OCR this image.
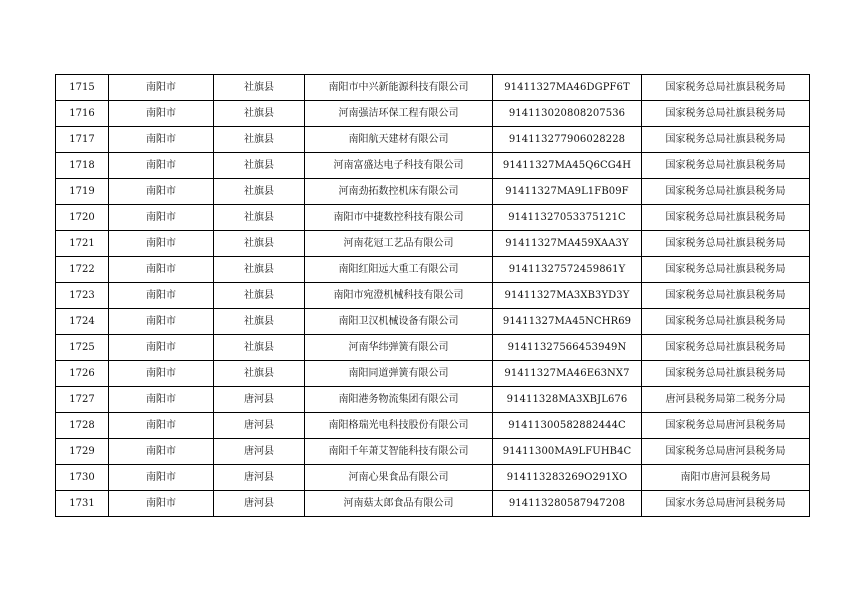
1715	南阳市	社旗县	南阳市中兴新能源科技有限公司	91411327MA46DGPF6T	国家税务总局社旗县税务局
1716	南阳市	社旗县	河南强洁环保工程有限公司	914113020808207536	国家税务总局社旗县税务局
1717	南阳市	社旗县	南阳航天建材有限公司	914113277906028228	国家税务总局社旗县税务局
1718	南阳市	社旗县	河南富盛达电子科技有限公司	91411327MA45Q6CG4H	国家税务总局社旗县税务局
1719	南阳市	社旗县	河南劲拓数控机床有限公司	91411327MA9L1FB09F	国家税务总局社旗县税务局
1720	南阳市	社旗县	南阳市中捷数控科技有限公司	91411327053375121C	国家税务总局社旗县税务局
1721	南阳市	社旗县	河南花冠工艺品有限公司	91411327MA459XAA3Y	国家税务总局社旗县税务局
1722	南阳市	社旗县	南阳红阳远大重工有限公司	91411327572459861Y	国家税务总局社旗县税务局
1723	南阳市	社旗县	南阳市宛澄机械科技有限公司	91411327MA3XB3YD3Y	国家税务总局社旗县税务局
1724	南阳市	社旗县	南阳卫汉机械设备有限公司	91411327MA45NCHR69	国家税务总局社旗县税务局
1725	南阳市	社旗县	河南华纬弹簧有限公司	91411327566453949N	国家税务总局社旗县税务局
1726	南阳市	社旗县	南阳同道弹簧有限公司	91411327MA46E63NX7	国家税务总局社旗县税务局
1727	南阳市	唐河县	南阳港务物流集团有限公司	91411328MA3XBJL676	唐河县税务局第二税务分局
1728	南阳市	唐河县	南阳格瑞光电科技股份有限公司	91411300582882444C	国家税务总局唐河县税务局
1729	南阳市	唐河县	南阳千年萧艾智能科技有限公司	91411300MA9LFUHB4C	国家税务总局唐河县税务局
1730	南阳市	唐河县	河南心果食品有限公司	914113283269O291XO	南阳市唐河县税务局
1731	南阳市	唐河县	河南菇太郎食品有限公司	914113280587947208	国家水务总局唐河县税务局
